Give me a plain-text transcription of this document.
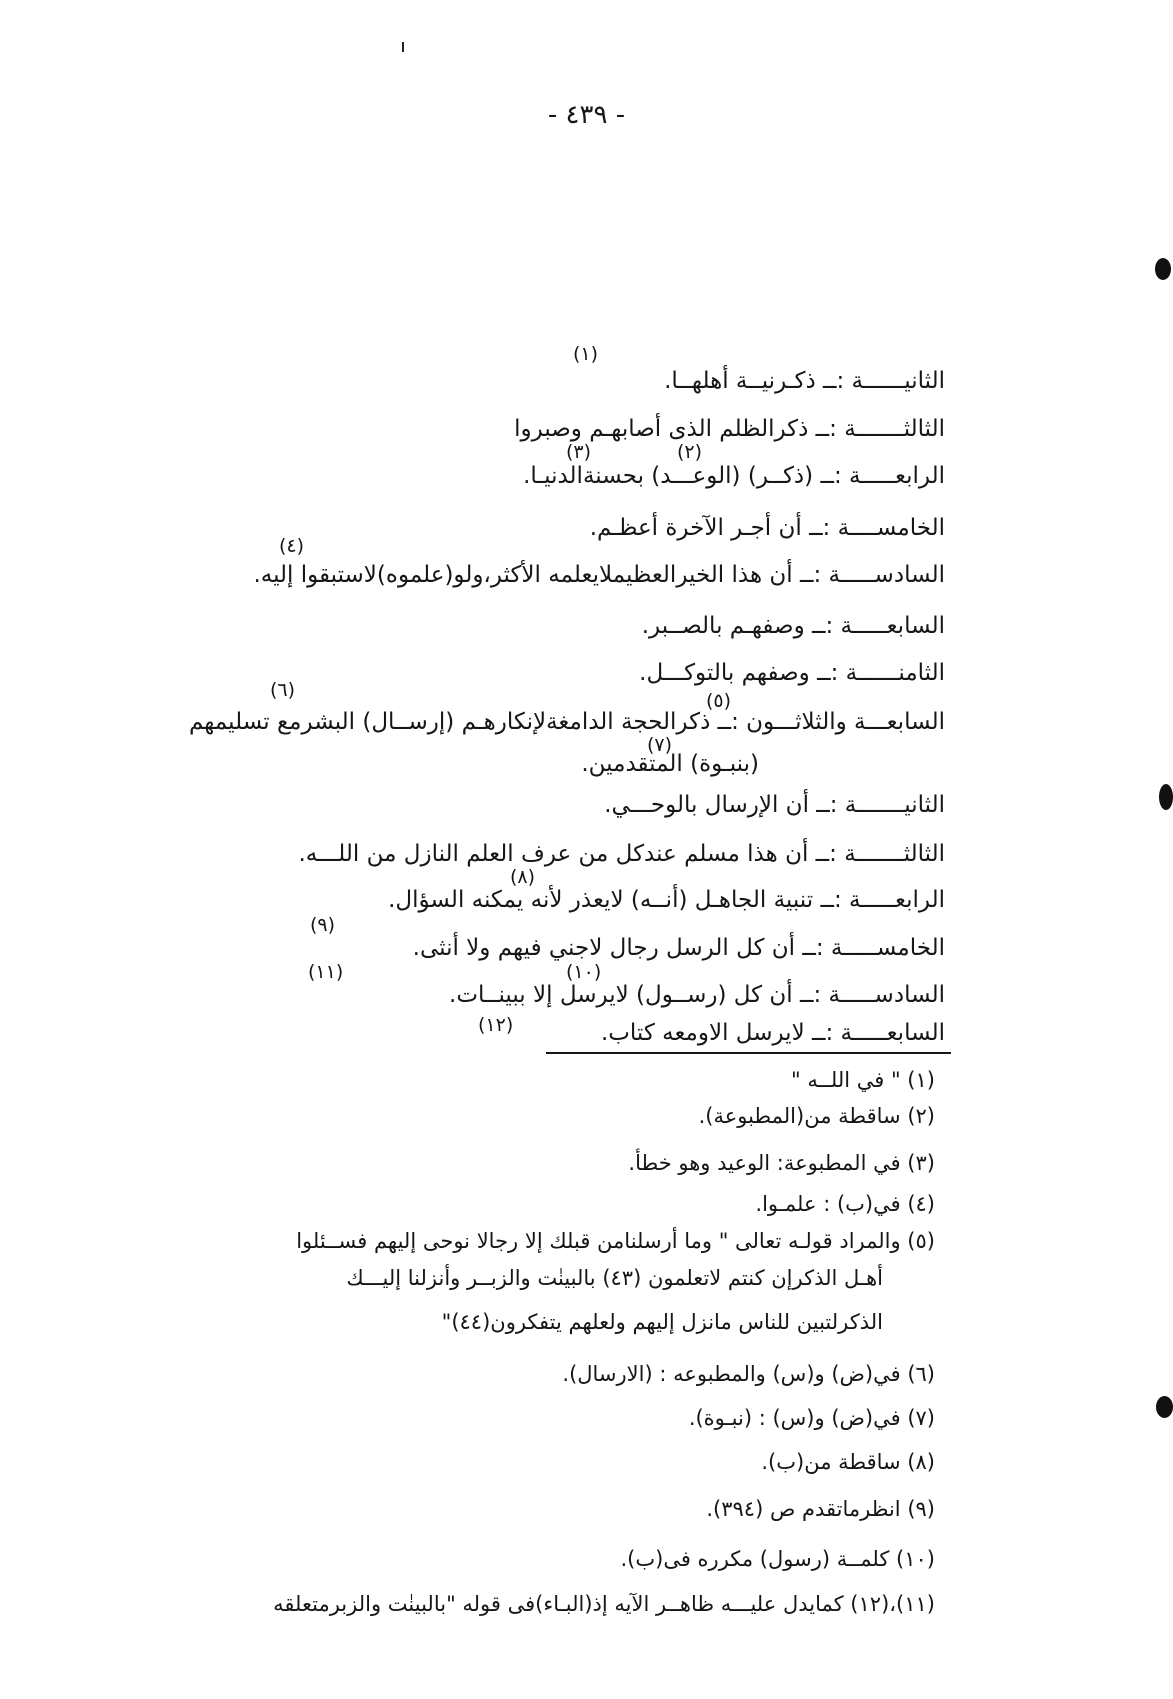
- ٤٣٩ -
الثانيــــــة :ــ ذكـرنيــة أهلهــا.
الثالثـــــــة :ــ ذكرالظلم الذى أصابهـم وصبروا
الرابعـــــة :ــ (ذكــر) (الوعـــد) بحسنةالدنيـا.
الخامســــة :ــ أن أجـر الآخرة أعظـم.
السادســـــة :ــ أن هذا الخيرالعظيملايعلمه الأكثر،ولو(علموه)لاستبقوا إليه.
السابعـــــة :ــ وصفهـم بالصــبر.
الثامنــــــة :ــ وصفهم بالتوكـــل.
السابعـــة والثلاثـــون :ــ ذكرالحجة الدامغةلإنكارهـم (إرســال) البشرمع تسليمهم
(بنبـوة) المتقدمين.
الثانيـــــــة :ــ أن الإرسال بالوحـــي.
الثالثـــــــة :ــ أن هذا مسلم عندكل من عرف العلم النازل من اللـــه.
الرابعـــــة :ــ تنبية الجاهـل (أنــه) لايعذر لأنه يمكنه السؤال.
الخامســـــة :ــ أن كل الرسل رجال لاجني فيهم ولا أنثى.
السادســـــة :ــ أن كل (رســول) لايرسل إلا ببينــات.
السابعـــــة :ــ لايرسل الاومعه كتاب.
(١)
(٢)
(٣)
(٤)
(٥)
(٦)
(٧)
(٨)
(٩)
(١٠)
(١١)
(١٢)
(١) " في اللــه "
(٢) ساقطة من(المطبوعة).
(٣) في المطبوعة: الوعيد وهو خطأ.
(٤) في(ب) : علمـوا.
(٥) والمراد قولـه تعالى " وما أرسلنامن قبلك إلا رجالا نوحى إليهم فســئلوا
أهـل الذكرإن كنتم لاتعلمون (٤٣) بالبينٰت والزبــر وأنزلنا إليـــك
الذكرلتبين للناس مانزل إليهم ولعلهم يتفكرون(٤٤)"
(٦) في(ض) و(س) والمطبوعه : (الارسال).
(٧) في(ض) و(س) : (نبـوة).
(٨) ساقطة من(ب).
(٩) انظرماتقدم ص (٣٩٤).
(١٠) كلمــة (رسول) مكرره فى(ب).
(١١)،(١٢) كمايدل عليـــه ظاهــر الآيه إذ(البـاء)فى قوله "بالبينٰت والزبرمتعلقه
